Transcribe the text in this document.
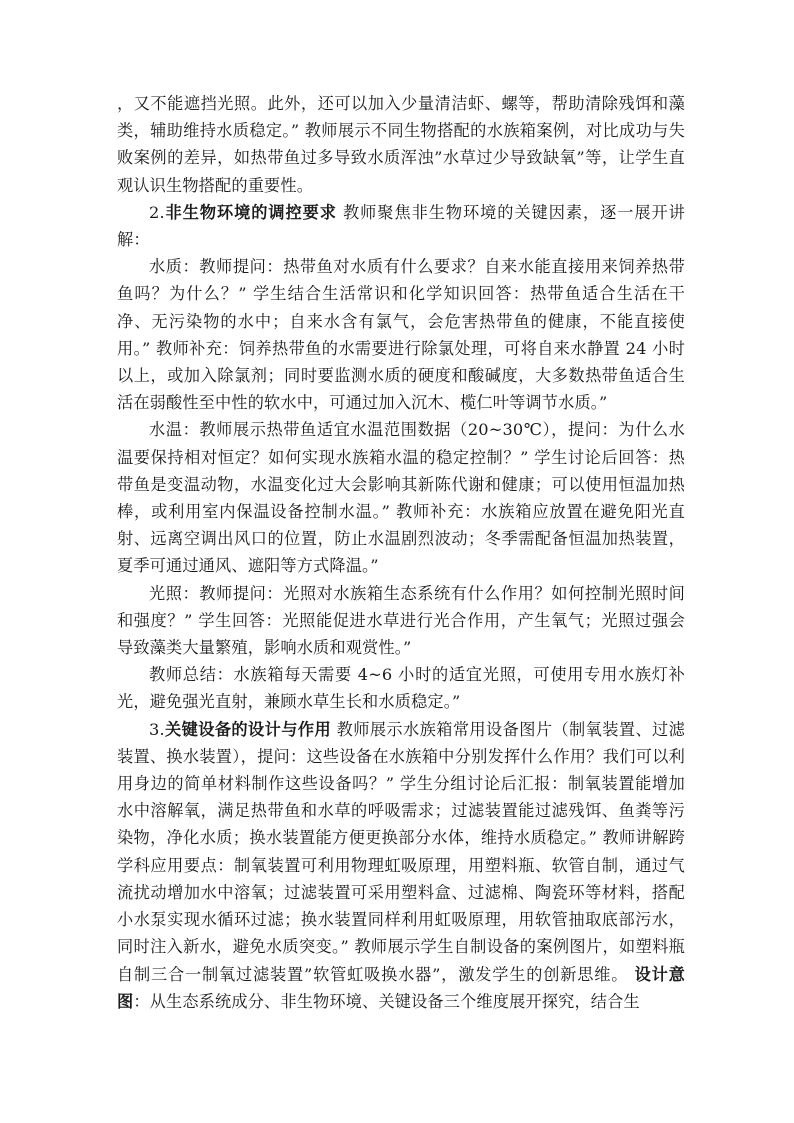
，又不能遮挡光照。此外，还可以加入少量清洁虾、螺等，帮助清除残饵和藻类，辅助维持水质稳定。” 教师展示不同生物搭配的水族箱案例，对比成功与失败案例的差异，如热带鱼过多导致水质浑浊”水草过少导致缺氧”等，让学生直观认识生物搭配的重要性。

2.非生物环境的调控要求 教师聚焦非生物环境的关键因素，逐一展开讲解：

水质：教师提问：热带鱼对水质有什么要求？自来水能直接用来饲养热带鱼吗？为什么？” 学生结合生活常识和化学知识回答：热带鱼适合生活在干净、无污染物的水中；自来水含有氯气，会危害热带鱼的健康，不能直接使用。” 教师补充：饲养热带鱼的水需要进行除氯处理，可将自来水静置 24 小时以上，或加入除氯剂；同时要监测水质的硬度和酸碱度，大多数热带鱼适合生活在弱酸性至中性的软水中，可通过加入沉木、榄仁叶等调节水质。”

水温：教师展示热带鱼适宜水温范围数据（20~30℃），提问：为什么水温要保持相对恒定？如何实现水族箱水温的稳定控制？” 学生讨论后回答：热带鱼是变温动物，水温变化过大会影响其新陈代谢和健康；可以使用恒温加热棒，或利用室内保温设备控制水温。” 教师补充：水族箱应放置在避免阳光直射、远离空调出风口的位置，防止水温剧烈波动；冬季需配备恒温加热装置，夏季可通过通风、遮阳等方式降温。”

光照：教师提问：光照对水族箱生态系统有什么作用？如何控制光照时间和强度？” 学生回答：光照能促进水草进行光合作用，产生氧气；光照过强会导致藻类大量繁殖，影响水质和观赏性。”

教师总结：水族箱每天需要 4~6 小时的适宜光照，可使用专用水族灯补光，避免强光直射，兼顾水草生长和水质稳定。”

3.关键设备的设计与作用 教师展示水族箱常用设备图片（制氧装置、过滤装置、换水装置），提问：这些设备在水族箱中分别发挥什么作用？我们可以利用身边的简单材料制作这些设备吗？” 学生分组讨论后汇报：制氧装置能增加水中溶解氧，满足热带鱼和水草的呼吸需求；过滤装置能过滤残饵、鱼粪等污染物，净化水质；换水装置能方便更换部分水体，维持水质稳定。” 教师讲解跨学科应用要点：制氧装置可利用物理虹吸原理，用塑料瓶、软管自制，通过气流扰动增加水中溶氧；过滤装置可采用塑料盒、过滤棉、陶瓷环等材料，搭配小水泵实现水循环过滤；换水装置同样利用虹吸原理，用软管抽取底部污水，同时注入新水，避免水质突变。” 教师展示学生自制设备的案例图片，如塑料瓶自制三合一制氧过滤装置”软管虹吸换水器”，激发学生的创新思维。 设计意图：从生态系统成分、非生物环境、关键设备三个维度展开探究，结合生
